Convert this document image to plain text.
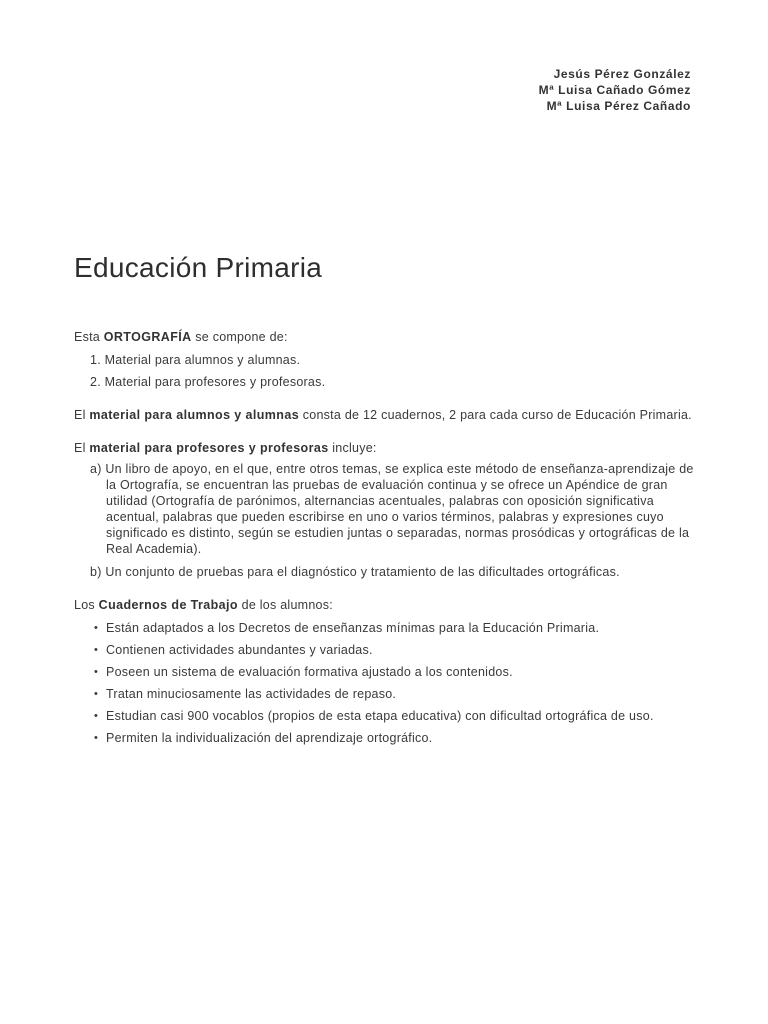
Jesús Pérez González
Mª Luisa Cañado Gómez
Mª Luisa Pérez Cañado
Educación Primaria

Esta ORTOGRAFÍA se compone de:

1. Material para alumnos y alumnas.
2. Material para profesores y profesoras.

El material para alumnos y alumnas consta de 12 cuadernos, 2 para cada curso de Educación Primaria.

El material para profesores y profesoras incluye:

a) Un libro de apoyo, en el que, entre otros temas, se explica este método de enseñanza-aprendizaje de la Ortografía, se encuentran las pruebas de evaluación continua y se ofrece un Apéndice de gran utilidad (Ortografía de parónimos, alternancias acentuales, palabras con oposición significativa acentual, palabras que pueden escribirse en uno o varios términos, palabras y expresiones cuyo significado es distinto, según se estudien juntas o separadas, normas prosódicas y ortográficas de la Real Academia).
b) Un conjunto de pruebas para el diagnóstico y tratamiento de las dificultades ortográficas.

Los Cuadernos de Trabajo de los alumnos:

• Están adaptados a los Decretos de enseñanzas mínimas para la Educación Primaria.
• Contienen actividades abundantes y variadas.
• Poseen un sistema de evaluación formativa ajustado a los contenidos.
• Tratan minuciosamente las actividades de repaso.
• Estudian casi 900 vocablos (propios de esta etapa educativa) con dificultad ortográfica de uso.
• Permiten la individualización del aprendizaje ortográfico.
